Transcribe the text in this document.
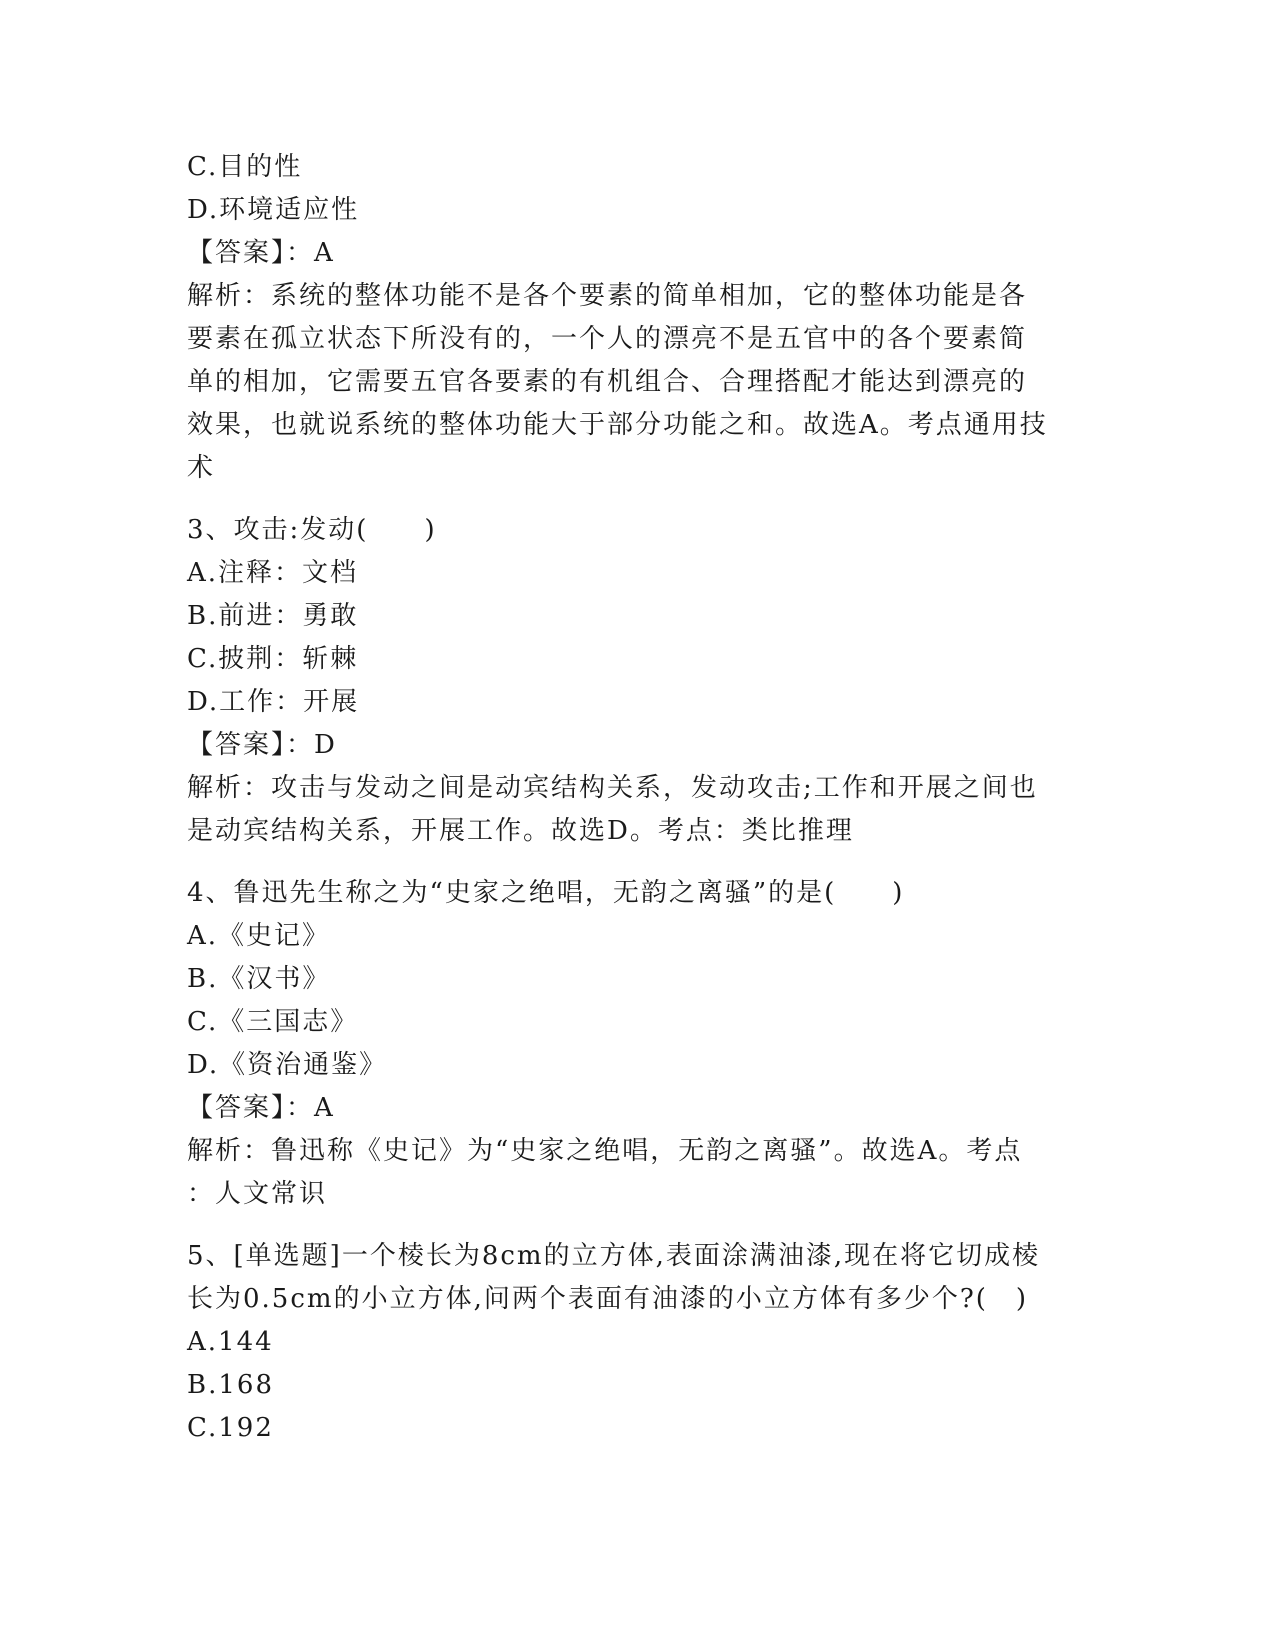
C.目的性
D.环境适应性
【答案】：A
解析：系统的整体功能不是各个要素的简单相加，它的整体功能是各
要素在孤立状态下所没有的，一个人的漂亮不是五官中的各个要素简
单的相加，它需要五官各要素的有机组合、合理搭配才能达到漂亮的
效果，也就说系统的整体功能大于部分功能之和。故选A。考点通用技
术
3、攻击:发动(　　)
A.注释：文档
B.前进：勇敢
C.披荆：斩棘
D.工作：开展
【答案】：D
解析：攻击与发动之间是动宾结构关系，发动攻击;工作和开展之间也
是动宾结构关系，开展工作。故选D。考点：类比推理
4、鲁迅先生称之为“史家之绝唱，无韵之离骚”的是(　　)
A.《史记》
B.《汉书》
C.《三国志》
D.《资治通鉴》
【答案】：A
解析：鲁迅称《史记》为“史家之绝唱，无韵之离骚”。故选A。考点
：人文常识
5、[单选题]一个棱长为8cm的立方体,表面涂满油漆,现在将它切成棱
长为0.5cm的小立方体,问两个表面有油漆的小立方体有多少个?(　)
A.144
B.168
C.192
